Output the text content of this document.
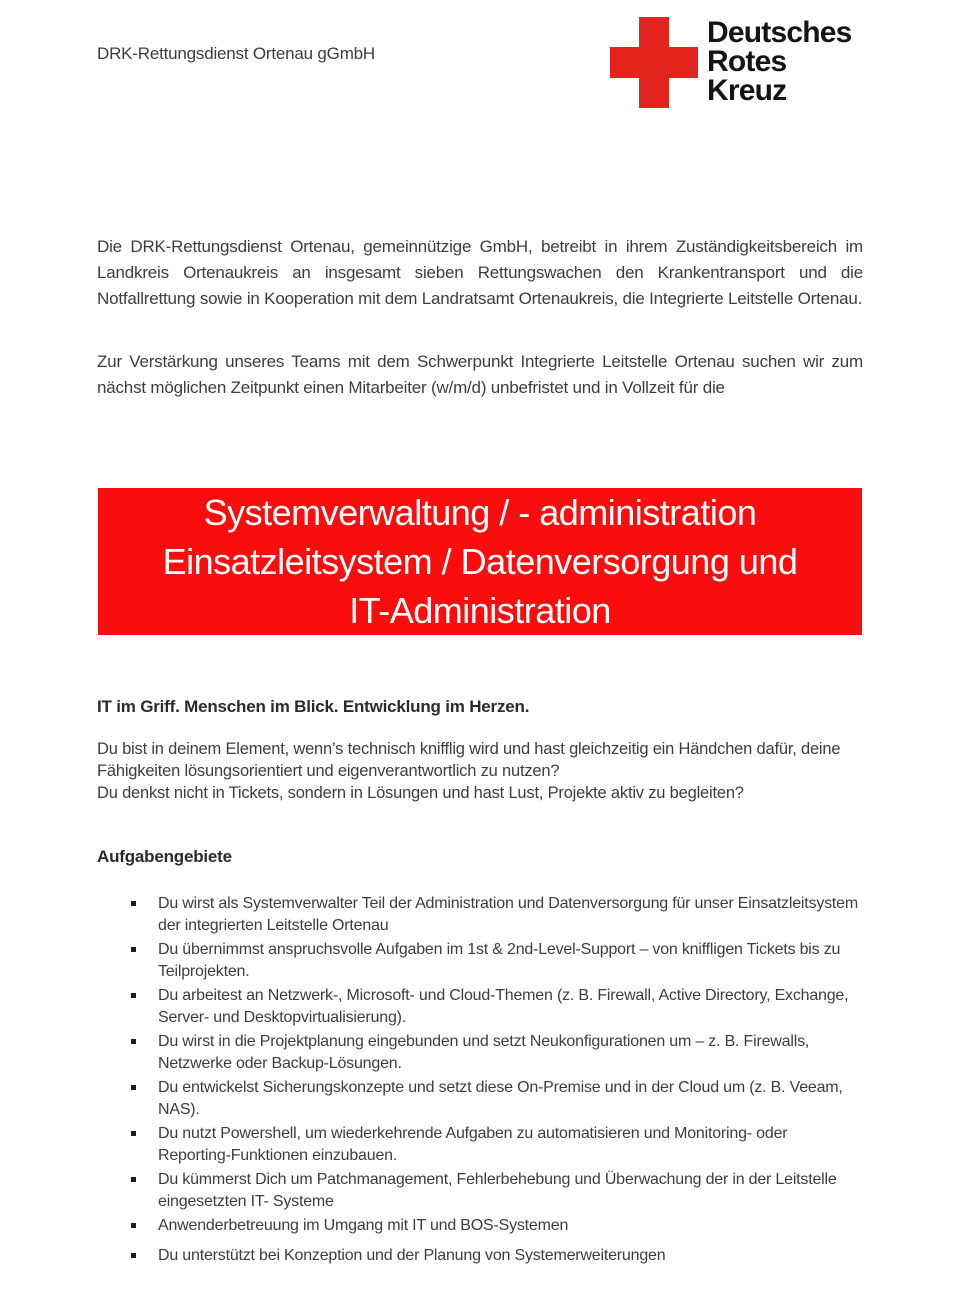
DRK-Rettungsdienst Ortenau gGmbH
Deutsches
Rotes
Kreuz

Die DRK-Rettungsdienst Ortenau, gemeinnützige GmbH, betreibt in ihrem Zuständigkeitsbereich im Landkreis Ortenaukreis an insgesamt sieben Rettungswachen den Krankentransport und die Notfallrettung sowie in Kooperation mit dem Landratsamt Ortenaukreis, die Integrierte Leitstelle Ortenau.

Zur Verstärkung unseres Teams mit dem Schwerpunkt Integrierte Leitstelle Ortenau suchen wir zum nächst möglichen Zeitpunkt einen Mitarbeiter (w/m/d) unbefristet und in Vollzeit für die

Systemverwaltung / - administration
Einsatzleitsystem / Datenversorgung und
IT-Administration
IT im Griff. Menschen im Blick. Entwicklung im Herzen.
Du bist in deinem Element, wenn’s technisch knifflig wird und hast gleichzeitig ein Händchen dafür, deine Fähigkeiten lösungsorientiert und eigenverantwortlich zu nutzen?
Du denkst nicht in Tickets, sondern in Lösungen und hast Lust, Projekte aktiv zu begleiten?
Aufgabengebiete
Du wirst als Systemverwalter Teil der Administration und Datenversorgung für unser Einsatzleitsystem der integrierten Leitstelle Ortenau
Du übernimmst anspruchsvolle Aufgaben im 1st & 2nd-Level-Support – von kniffligen Tickets bis zu Teilprojekten.
Du arbeitest an Netzwerk-, Microsoft- und Cloud-Themen (z. B. Firewall, Active Directory, Exchange, Server- und Desktopvirtualisierung).
Du wirst in die Projektplanung eingebunden und setzt Neukonfigurationen um – z. B. Firewalls, Netzwerke oder Backup-Lösungen.
Du entwickelst Sicherungskonzepte und setzt diese On-Premise und in der Cloud um (z. B. Veeam, NAS).
Du nutzt Powershell, um wiederkehrende Aufgaben zu automatisieren und Monitoring- oder Reporting-Funktionen einzubauen.
Du kümmerst Dich um Patchmanagement, Fehlerbehebung und Überwachung der in der Leitstelle eingesetzten IT- Systeme
Anwenderbetreuung im Umgang mit IT und BOS-Systemen
Du unterstützt bei Konzeption und der Planung von Systemerweiterungen
